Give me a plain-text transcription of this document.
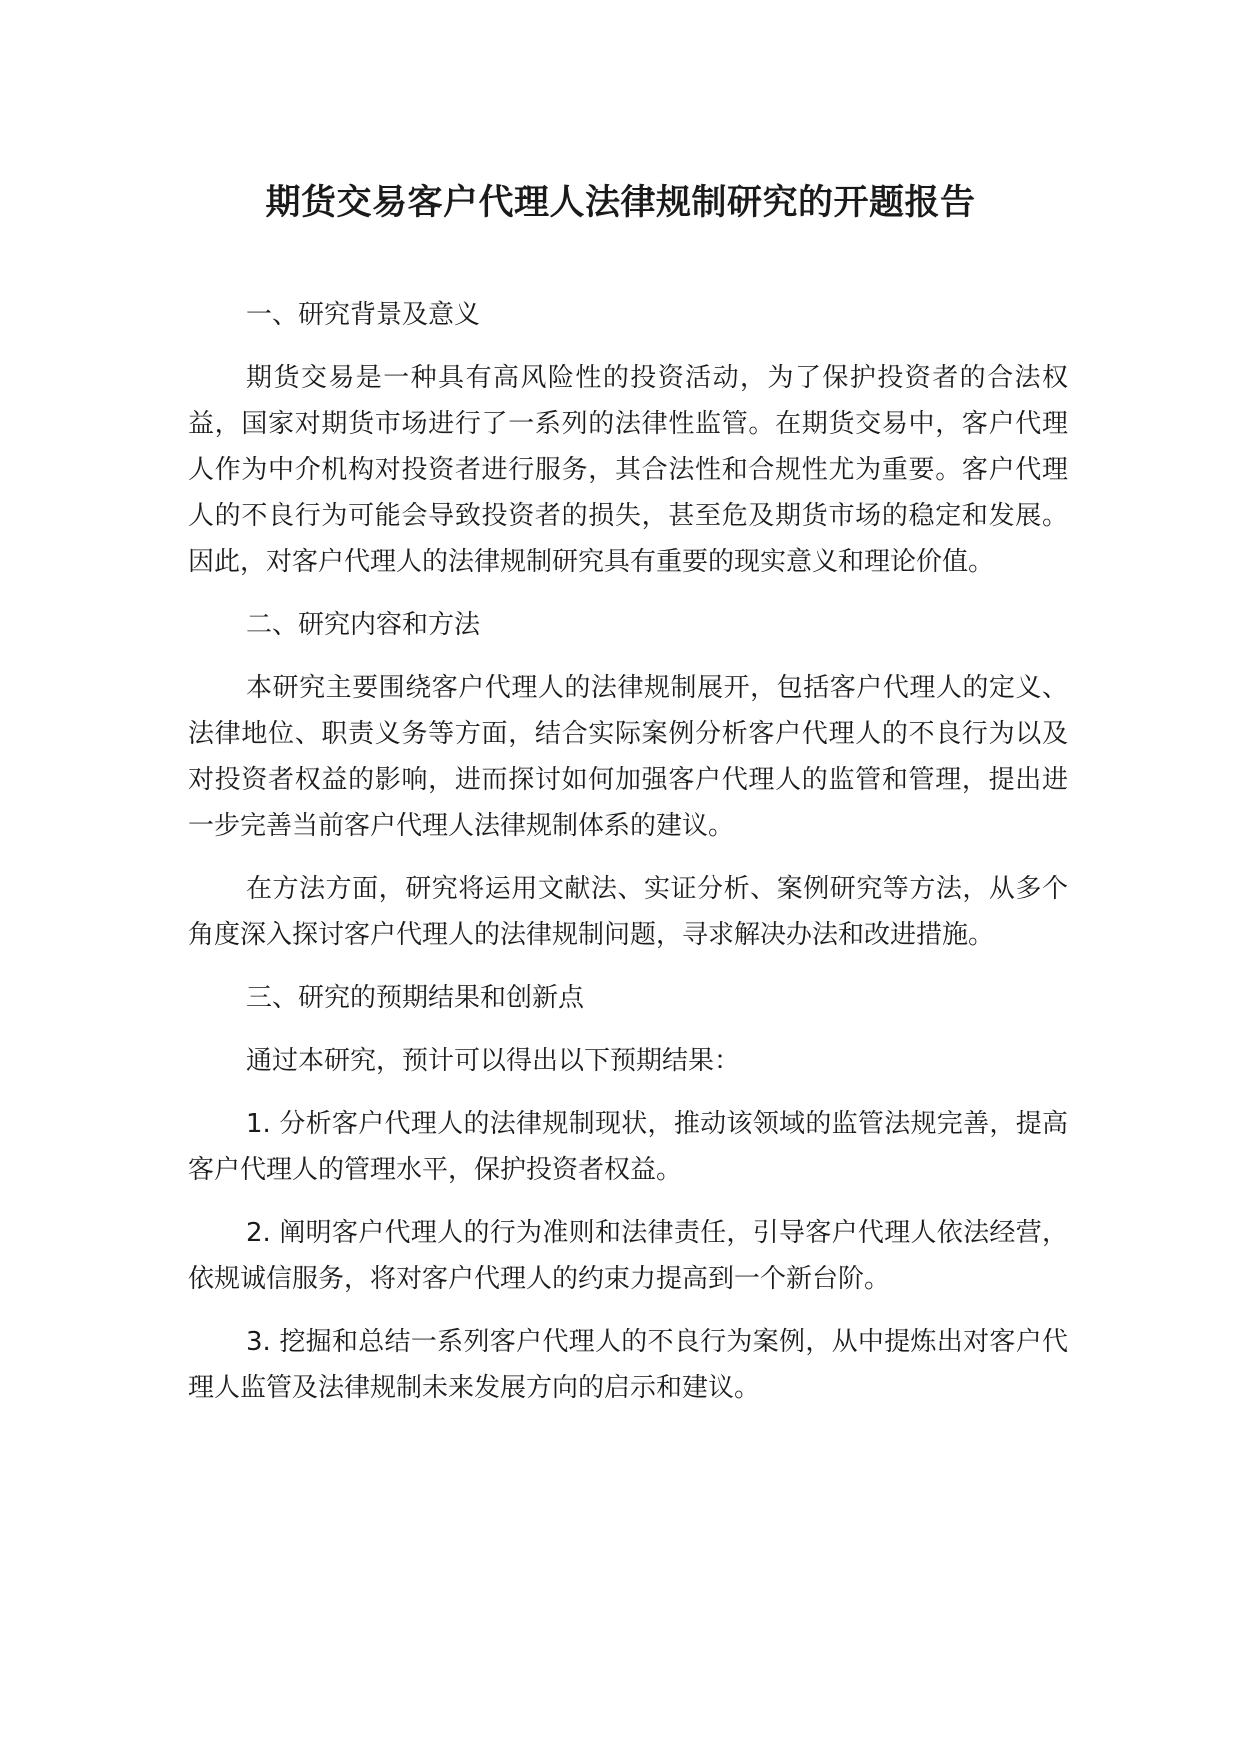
期货交易客户代理人法律规制研究的开题报告

一、研究背景及意义

期货交易是一种具有高风险性的投资活动，为了保护投资者的合法权益，国家对期货市场进行了一系列的法律性监管。在期货交易中，客户代理人作为中介机构对投资者进行服务，其合法性和合规性尤为重要。客户代理人的不良行为可能会导致投资者的损失，甚至危及期货市场的稳定和发展。因此，对客户代理人的法律规制研究具有重要的现实意义和理论价值。

二、研究内容和方法

本研究主要围绕客户代理人的法律规制展开，包括客户代理人的定义、法律地位、职责义务等方面，结合实际案例分析客户代理人的不良行为以及对投资者权益的影响，进而探讨如何加强客户代理人的监管和管理，提出进一步完善当前客户代理人法律规制体系的建议。

在方法方面，研究将运用文献法、实证分析、案例研究等方法，从多个角度深入探讨客户代理人的法律规制问题，寻求解决办法和改进措施。

三、研究的预期结果和创新点

通过本研究，预计可以得出以下预期结果：

1. 分析客户代理人的法律规制现状，推动该领域的监管法规完善，提高客户代理人的管理水平，保护投资者权益。

2. 阐明客户代理人的行为准则和法律责任，引导客户代理人依法经营，依规诚信服务，将对客户代理人的约束力提高到一个新台阶。

3. 挖掘和总结一系列客户代理人的不良行为案例，从中提炼出对客户代理人监管及法律规制未来发展方向的启示和建议。
